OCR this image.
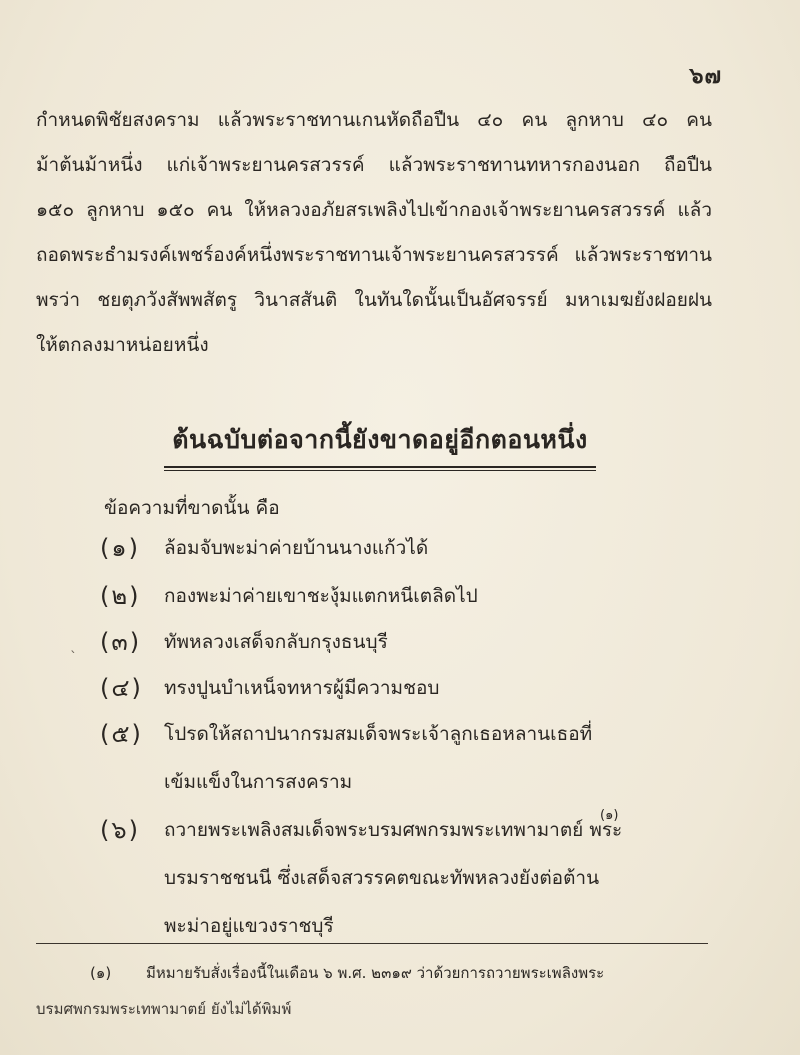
๖๗
กำหนดพิชัยสงคราม แล้วพระราชทานเกนหัดถือปืน ๔๐ คน ลูกหาบ ๔๐ คน ม้าต้นม้าหนึ่ง แก่เจ้าพระยานครสวรรค์ แล้วพระราชทานทหารกองนอก ถือปืน ๑๕๐ ลูกหาบ ๑๕๐ คน ให้หลวงอภัยสรเพลิงไปเข้ากองเจ้าพระยานครสวรรค์ แล้วถอดพระธำมรงค์เพชร์องค์หนึ่งพระราชทานเจ้าพระยานครสวรรค์ แล้วพระราชทานพรว่า ชยตุภวังสัพพสัตรู วินาสสันติ ในทันใดนั้นเป็นอัศจรรย์ มหาเมฆยังฝอยฝนให้ตกลงมาหน่อยหนึ่ง
ต้นฉบับต่อจากนี้ยังขาดอยู่อีกตอนหนึ่ง
ข้อความที่ขาดนั้น คือ
ˋ
(๑)	ล้อมจับพะม่าค่ายบ้านนางแก้วได้
(๒)	กองพะม่าค่ายเขาชะงุ้มแตกหนีเตลิดไป
(๓)	ทัพหลวงเสด็จกลับกรุงธนบุรี
(๔)	ทรงปูนบำเหน็จทหารผู้มีความชอบ
(๕)	โปรดให้สถาปนากรมสมเด็จพระเจ้าลูกเธอหลานเธอที่
เข้มแข็งในการสงคราม
(๖)	ถวายพระเพลิงสมเด็จพระบรมศพกรมพระเทพามาตย์ พระ
บรมราชชนนี ซึ่งเสด็จสวรรคตขณะทัพหลวงยังต่อต้าน
พะม่าอยู่แขวงราชบุรี
(๑)
(๑)	มีหมายรับสั่งเรื่องนี้ในเดือน ๖ พ.ศ. ๒๓๑๙ ว่าด้วยการถวายพระเพลิงพระ
บรมศพกรมพระเทพามาตย์ ยังไม่ได้พิมพ์
